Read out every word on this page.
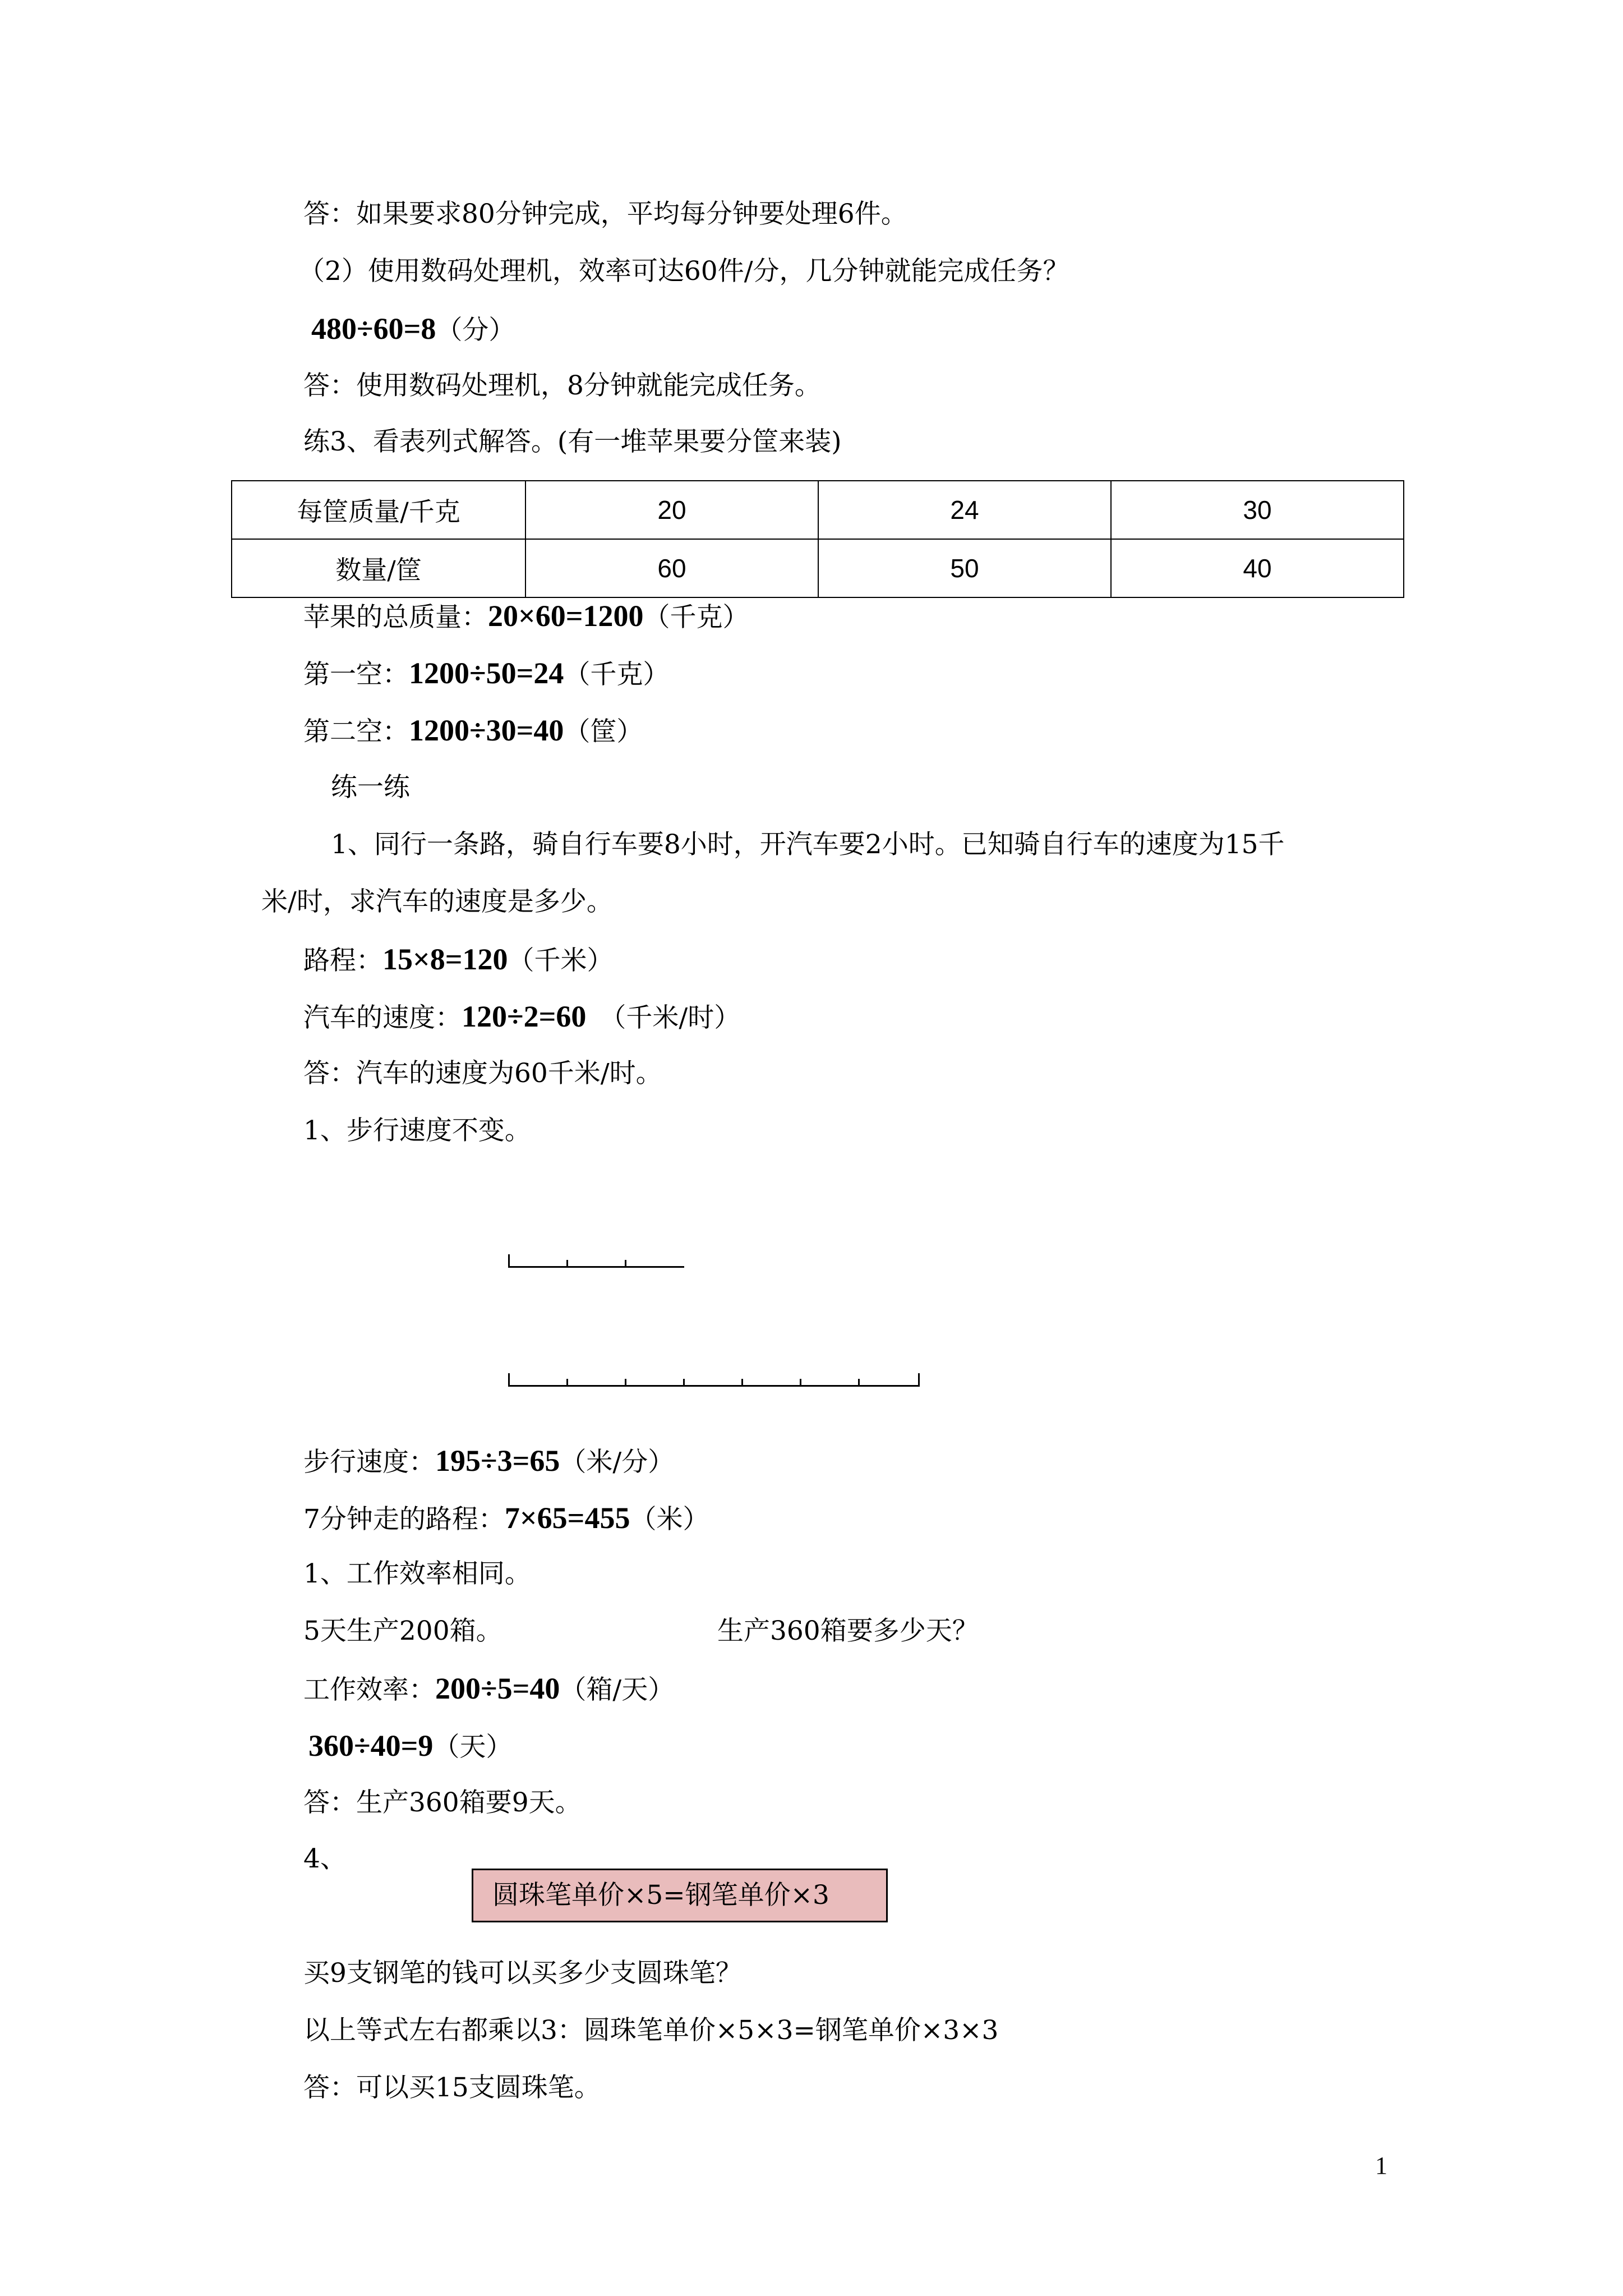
答：如果要求80分钟完成，平均每分钟要处理6件。
（2）使用数码处理机，效率可达60件/分，几分钟就能完成任务？
480÷60=8（分）
答：使用数码处理机，8分钟就能完成任务。
练3、看表列式解答。(有一堆苹果要分筐来装)
每筐质量/千克	20	24	30
数量/筐	60	50	40
苹果的总质量：20×60=1200（千克）
第一空：1200÷50=24（千克）
第二空：1200÷30=40（筐）
练一练
1、同行一条路，骑自行车要8小时，开汽车要2小时。已知骑自行车的速度为15千
米/时，求汽车的速度是多少。
路程：15×8=120（千米）
汽车的速度：120÷2=60 （千米/时）
答：汽车的速度为60千米/时。
1、步行速度不变。
步行速度：195÷3=65（米/分）
7分钟走的路程：7×65=455（米）
1、工作效率相同。
5天生产200箱。	生产360箱要多少天？
工作效率：200÷5=40（箱/天）
360÷40=9（天）
答：生产360箱要9天。
4、
圆珠笔单价×5=钢笔单价×3
买9支钢笔的钱可以买多少支圆珠笔？
以上等式左右都乘以3：圆珠笔单价×5×3=钢笔单价×3×3
答：可以买15支圆珠笔。
1
